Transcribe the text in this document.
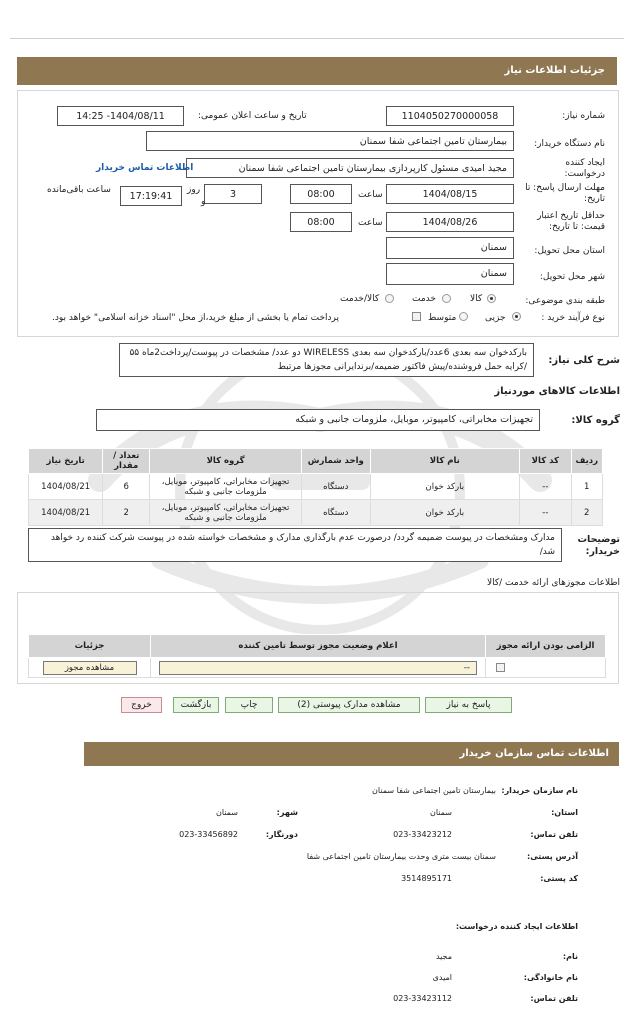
جزئیات اطلاعات نیاز
شماره نیاز:
1104050270000058
تاریخ و ساعت اعلان عمومی:
1404/08/11- 14:25
نام دستگاه خریدار:
بیمارستان تامین اجتماعی شفا سمنان
ایجاد کننده درخواست:
مجید امیدی مسئول کارپردازی بیمارستان تامین اجتماعی شفا سمنان
اطلاعات تماس خریدار
مهلت ارسال پاسخ: تا تاریخ:
1404/08/15
ساعت
08:00
3
روز
و
17:19:41
ساعت باقی‌مانده
حداقل تاریخ اعتبار قیمت: تا تاریخ:
1404/08/26
ساعت
08:00
استان محل تحویل:
سمنان
شهر محل تحویل:
سمنان
طبقه بندی موضوعی:
کالا
خدمت
کالا/خدمت
نوع فرآیند خرید :
جزیی
متوسط
پرداخت تمام یا بخشی از مبلغ خرید،از محل "اسناد خزانه اسلامی" خواهد بود.
شرح کلی نیاز:
بارکدخوان سه بعدی 6عدد/بارکدخوان سه بعدی WIRELESS دو عدد/ مشخصات در پیوست/پرداخت2ماه ۵۵ /کرایه حمل فروشنده/پیش فاکتور ضمیمه/برندایرانی مجوزها مرتبط
اطلاعات کالاهای موردنیاز
گروه کالا:
تجهیزات مخابراتی، کامپیوتر، موبایل، ملزومات جانبی و شبکه
ردیف	کد کالا	نام کالا	واحد شمارش	گروه کالا	تعداد / مقدار	تاریخ نیاز
1	--	بارکد خوان	دستگاه	تجهیزات مخابراتی، کامپیوتر، موبایل، ملزومات جانبی و شبکه	6	1404/08/21
2	--	بارکد خوان	دستگاه	تجهیزات مخابراتی، کامپیوتر، موبایل، ملزومات جانبی و شبکه	2	1404/08/21
توضیحات خریدار:
مدارک ومشخصات در پیوست ضمیمه گردد/ درصورت عدم بارگذاری مدارک و مشخصات خواسته شده در پیوست شرکت کننده رد خواهد شد/
اطلاعات مجوزهای ارائه خدمت /کالا
الزامی بودن ارائه مجوز	اعلام وضعیت مجوز توسط تامین کننده	جزئیات

	--	مشاهده مجوز
پاسخ به نیاز
مشاهده مدارک پیوستی (2)
چاپ
بازگشت
خروج
اطلاعات تماس سازمان خریدار
نام سازمان خریدار:
بیمارستان تامین اجتماعی شفا سمنان
استان:
سمنان
شهر:
سمنان
تلفن تماس:
023-33423212
دورنگار:
023-33456892
آدرس پستی:
سمنان بیست متری وحدت بیمارستان تامین اجتماعی شفا
کد پستی:
3514895171
اطلاعات ایجاد کننده درخواست:
نام:
مجید
نام خانوادگی:
امیدی
تلفن تماس:
023-33423112
